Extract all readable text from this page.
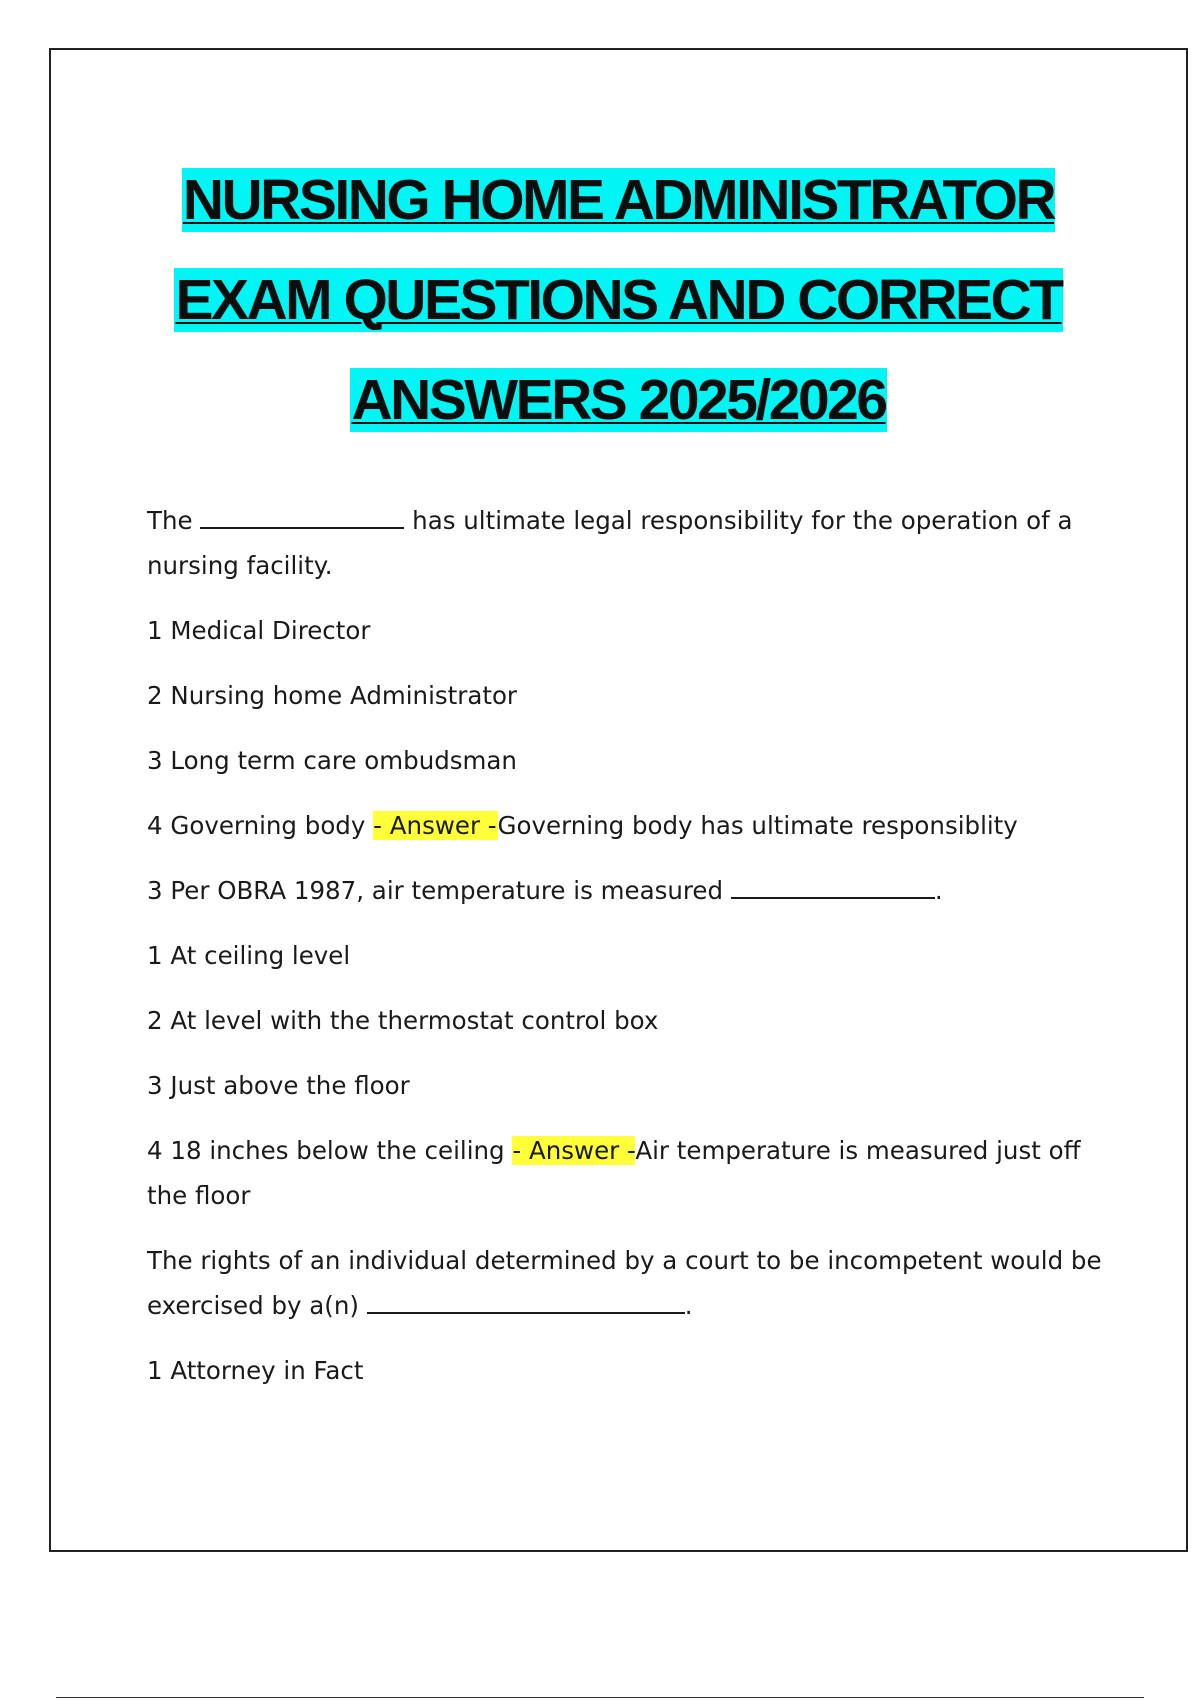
NURSING HOME ADMINISTRATOR
EXAM QUESTIONS AND CORRECT
ANSWERS 2025/2026

The	has ultimate legal responsibility for the operation of a nursing facility.

1 Medical Director

2 Nursing home Administrator

3 Long term care ombudsman

4 Governing body - Answer -Governing body has ultimate responsiblity

3 Per OBRA 1987, air temperature is measured	.

1 At ceiling level

2 At level with the thermostat control box

3 Just above the floor

4 18 inches below the ceiling - Answer -Air temperature is measured just off the floor

The rights of an individual determined by a court to be incompetent would be exercised by a(n)	.

1 Attorney in Fact
